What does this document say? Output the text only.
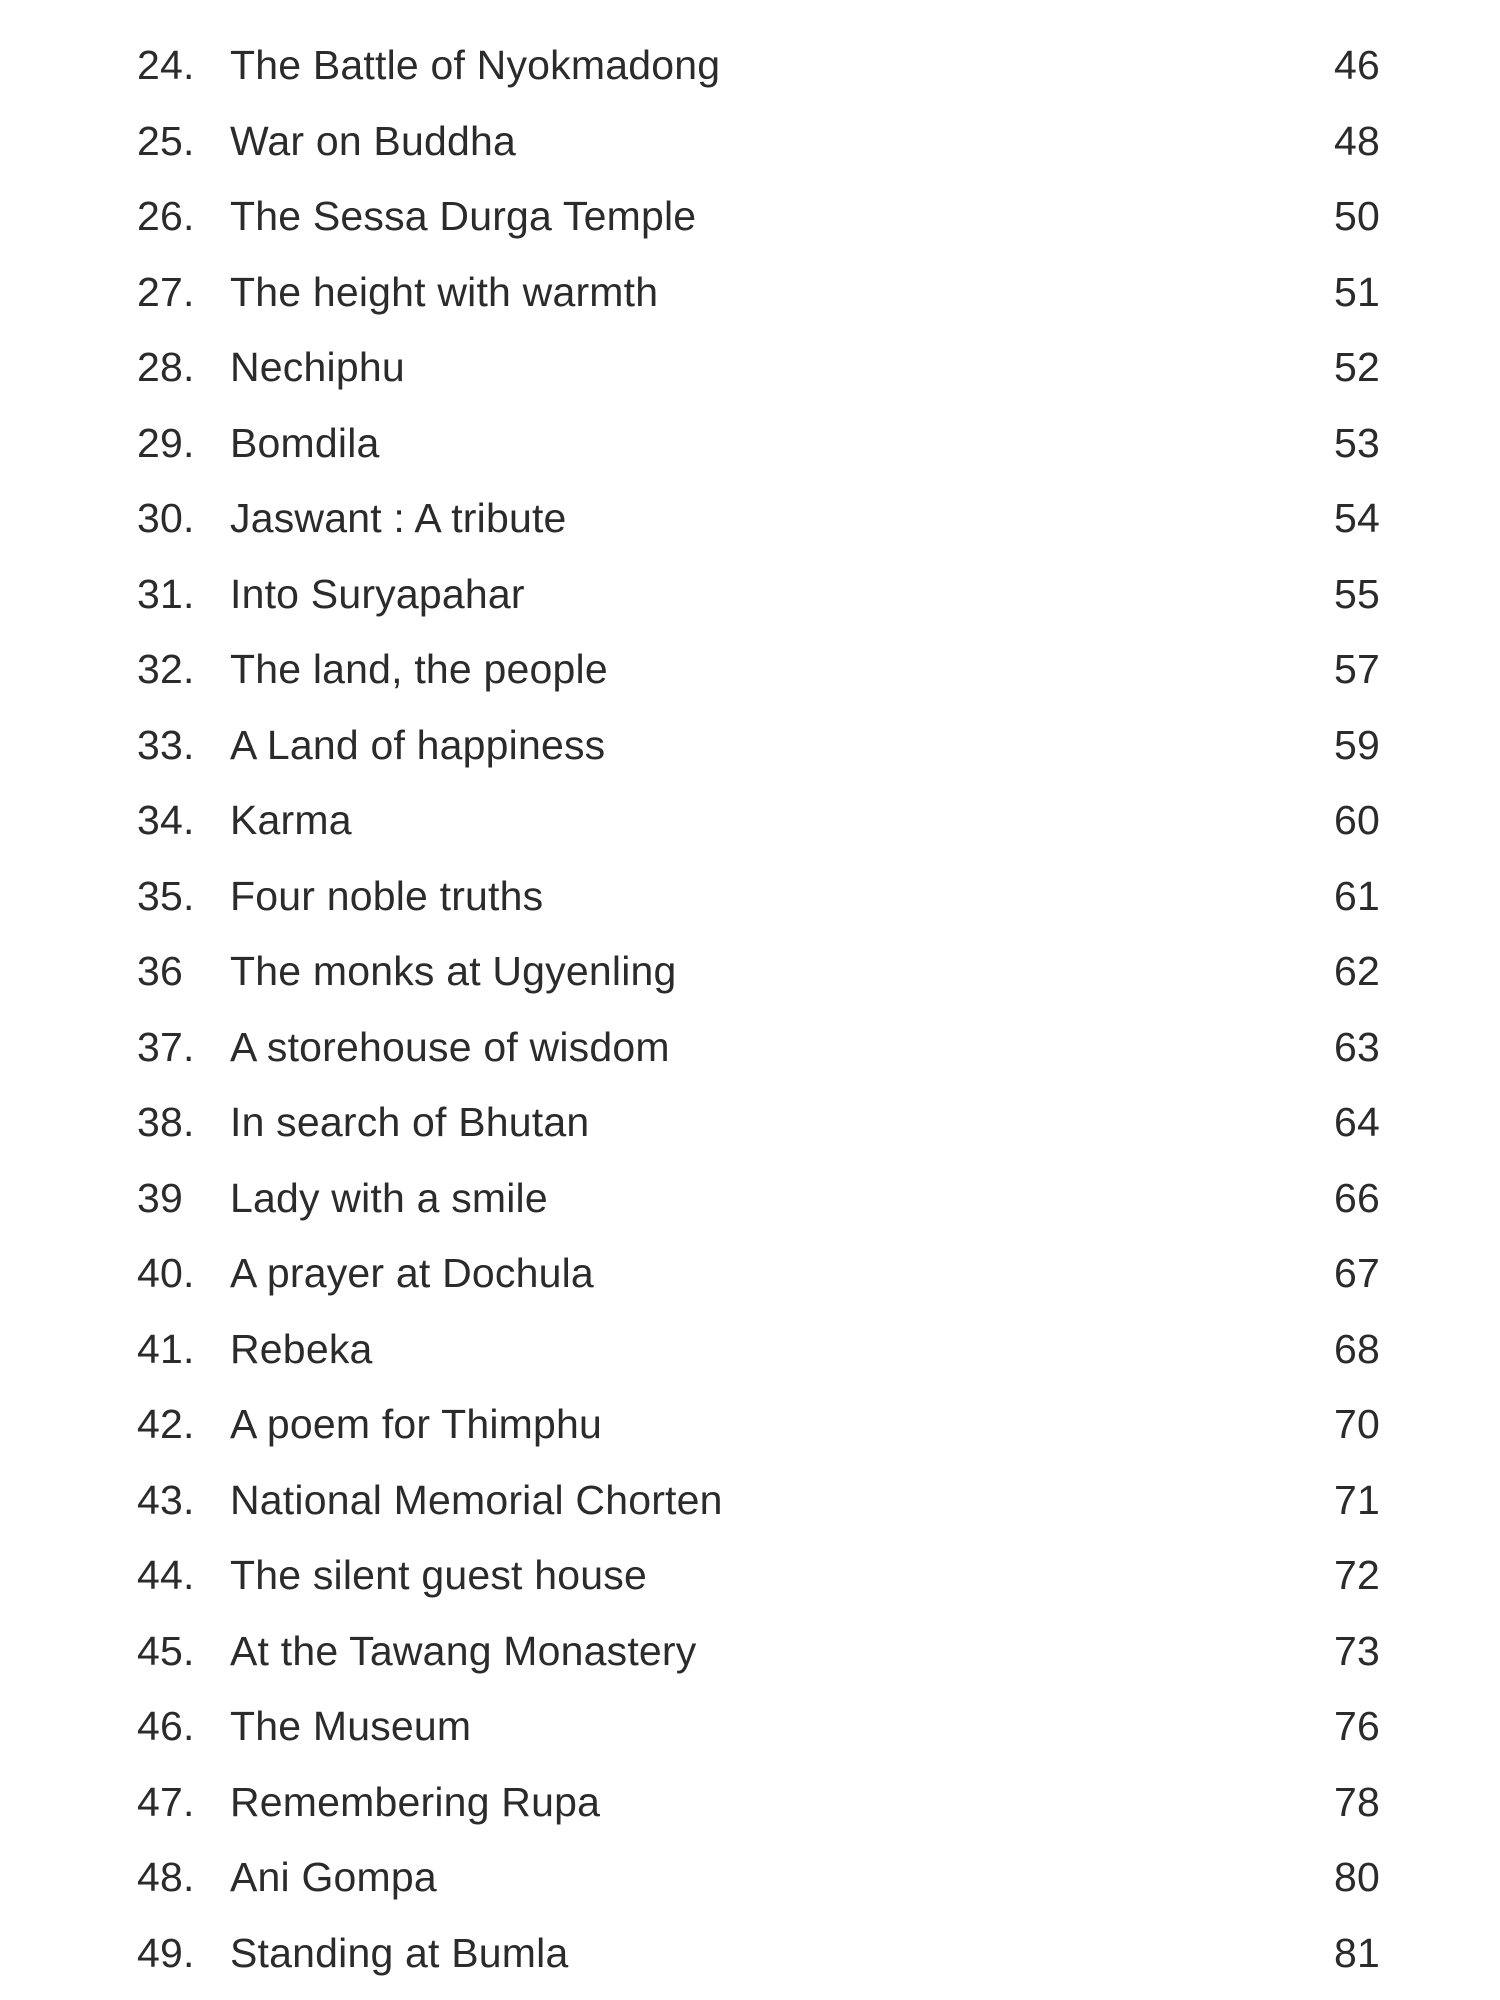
24. The Battle of Nyokmadong	46
25. War on Buddha	48
26. The Sessa Durga Temple	50
27. The height with warmth	51
28. Nechiphu	52
29. Bomdila	53
30. Jaswant : A tribute	54
31. Into Suryapahar	55
32. The land, the people	57
33. A Land of happiness	59
34. Karma	60
35. Four noble truths	61
36 The monks at Ugyenling	62
37. A storehouse of wisdom	63
38. In search of Bhutan	64
39 Lady with a smile	66
40. A prayer at Dochula	67
41. Rebeka	68
42. A poem for Thimphu	70
43. National Memorial Chorten	71
44. The silent guest house	72
45. At the Tawang Monastery	73
46. The Museum	76
47. Remembering Rupa	78
48. Ani Gompa	80
49. Standing at Bumla	81
